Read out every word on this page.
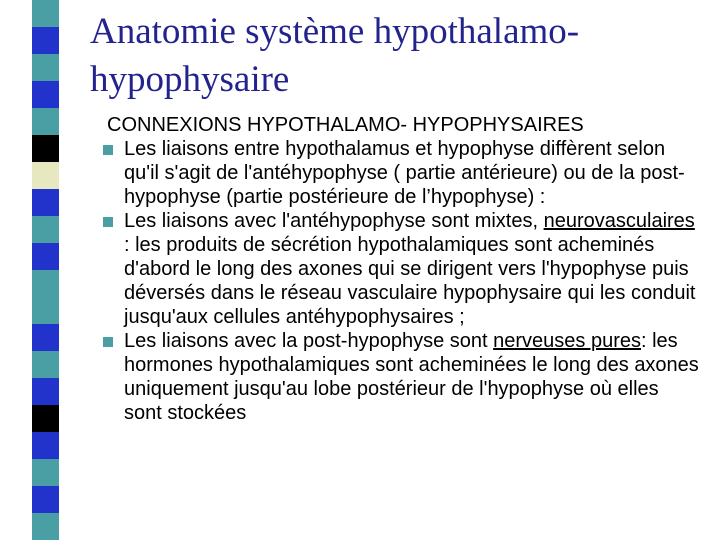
Anatomie système hypothalamo-
hypophysaire
CONNEXIONS HYPOTHALAMO- HYPOPHYSAIRES
Les liaisons entre hypothalamus et hypophyse diffèrent selon qu'il s'agit de l'antéhypophyse ( partie antérieure) ou de la post-hypophyse (partie postérieure de l’hypophyse) :
Les liaisons avec l'antéhypophyse sont mixtes, neurovasculaires : les produits de sécrétion hypothalamiques sont acheminés d'abord le long des axones qui se dirigent vers l'hypophyse puis déversés dans le réseau vasculaire hypophysaire qui les conduit jusqu'aux cellules antéhypophysaires ;
Les liaisons avec la post-hypophyse sont nerveuses pures: les hormones hypothalamiques sont acheminées le long des axones uniquement jusqu'au lobe postérieur de l'hypophyse où elles sont stockées
